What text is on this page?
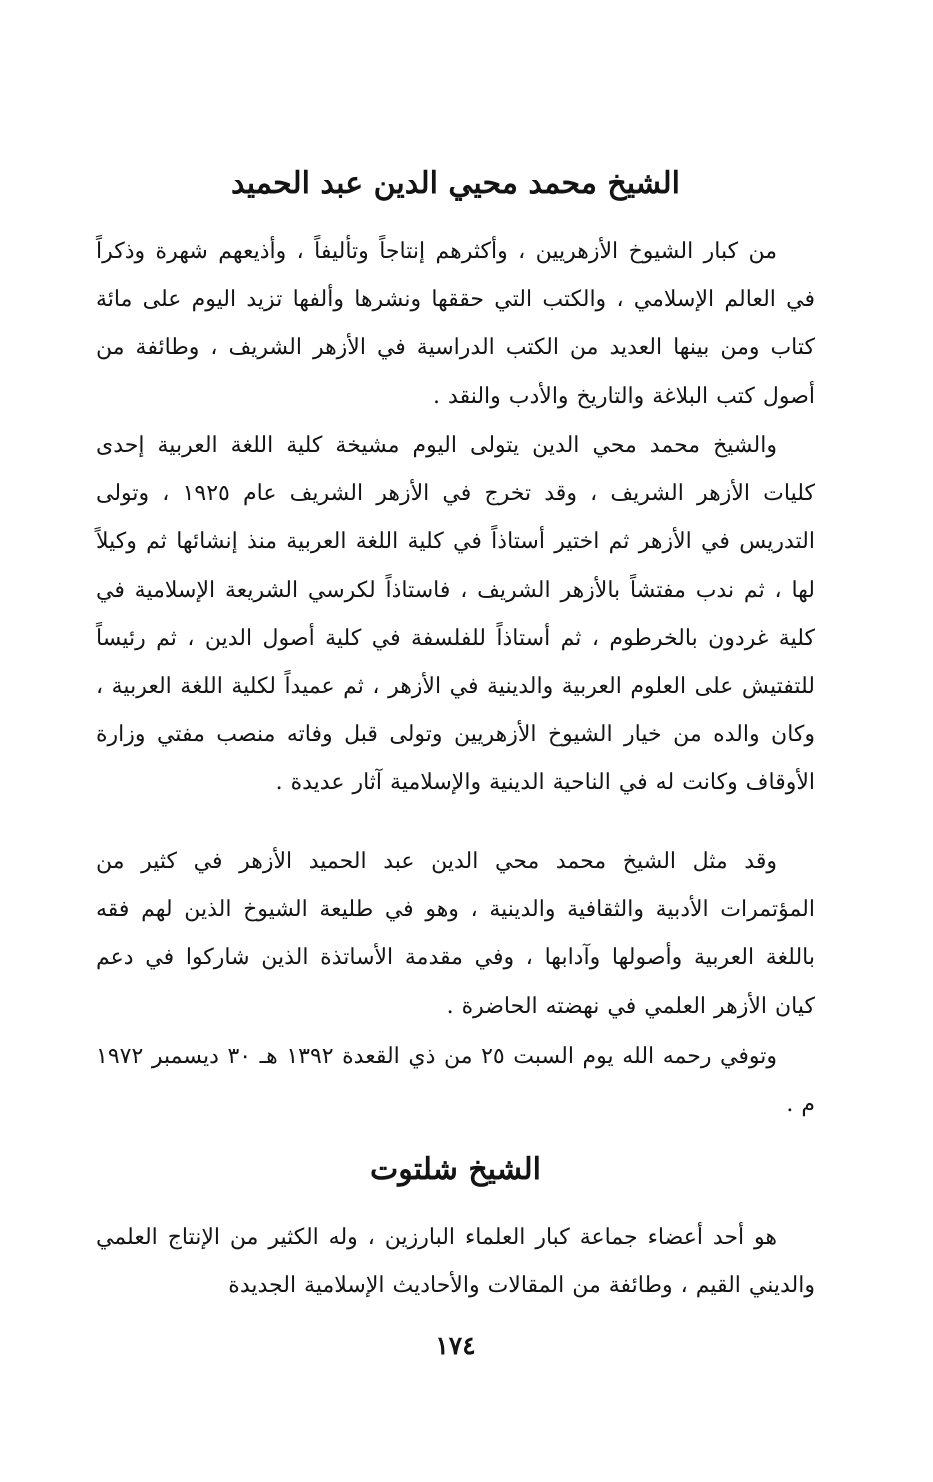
الشيخ محمد محيي الدين عبد الحميد

من كبار الشيوخ الأزهريين ، وأكثرهم إنتاجاً وتأليفاً ، وأذيعهم شهرة وذكراً في العالم الإسلامي ، والكتب التي حققها ونشرها وألفها تزيد اليوم على مائة كتاب ومن بينها العديد من الكتب الدراسية في الأزهر الشريف ، وطائفة من أصول كتب البلاغة والتاريخ والأدب والنقد .

والشيخ محمد محي الدين يتولى اليوم مشيخة كلية اللغة العربية إحدى كليات الأزهر الشريف ، وقد تخرج في الأزهر الشريف عام ١٩٢٥ ، وتولى التدريس في الأزهر ثم اختير أستاذاً في كلية اللغة العربية منذ إنشائها ثم وكيلاً لها ، ثم ندب مفتشاً بالأزهر الشريف ، فاستاذاً لكرسي الشريعة الإسلامية في كلية غردون بالخرطوم ، ثم أستاذاً للفلسفة في كلية أصول الدين ، ثم رئيساً للتفتيش على العلوم العربية والدينية في الأزهر ، ثم عميداً لكلية اللغة العربية ، وكان والده من خيار الشيوخ الأزهريين وتولى قبل وفاته منصب مفتي وزارة الأوقاف وكانت له في الناحية الدينية والإسلامية آثار عديدة .

وقد مثل الشيخ محمد محي الدين عبد الحميد الأزهر في كثير من المؤتمرات الأدبية والثقافية والدينية ، وهو في طليعة الشيوخ الذين لهم فقه باللغة العربية وأصولها وآدابها ، وفي مقدمة الأساتذة الذين شاركوا في دعم كيان الأزهر العلمي في نهضته الحاضرة .

وتوفي رحمه الله يوم السبت ٢٥ من ذي القعدة ١٣٩٢ هـ ٣٠ ديسمبر ١٩٧٢ م .

الشيخ شلتوت

هو أحد أعضاء جماعة كبار العلماء البارزين ، وله الكثير من الإنتاج العلمي والديني القيم ، وطائفة من المقالات والأحاديث الإسلامية الجديدة

١٧٤
